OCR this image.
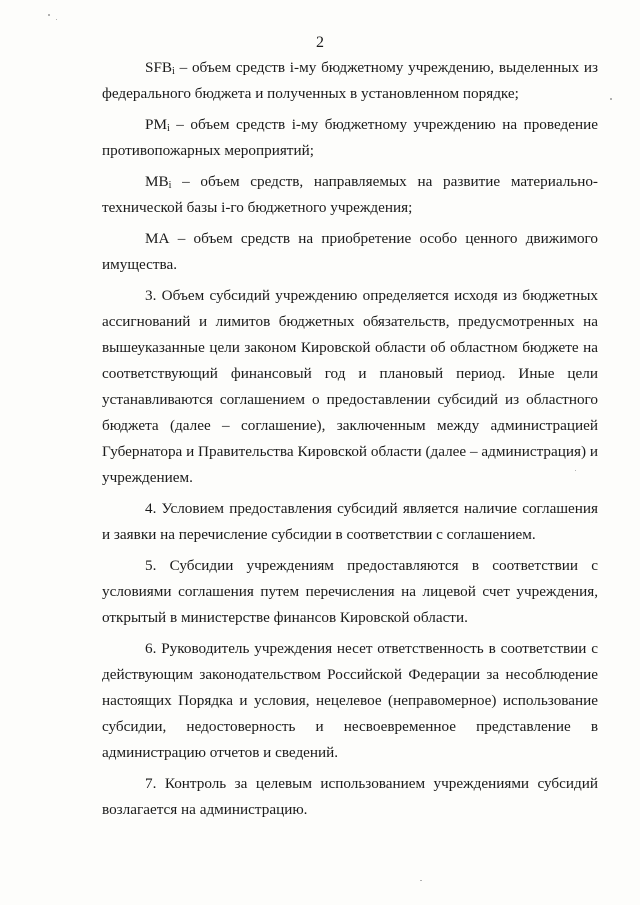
2

$SFB_i$ – объем средств i-му бюджетному учреждению, выделенных из федерального бюджета и полученных в установленном порядке;

$PM_i$ – объем средств i-му бюджетному учреждению на проведение противопожарных мероприятий;

$MB_i$ – объем средств, направляемых на развитие материально-технической базы i-го бюджетного учреждения;

МА – объем средств на приобретение особо ценного движимого имущества.

3. Объем субсидий учреждению определяется исходя из бюджетных ассигнований и лимитов бюджетных обязательств, предусмотренных на вышеуказанные цели законом Кировской области об областном бюджете на соответствующий финансовый год и плановый период. Иные цели устанавливаются соглашением о предоставлении субсидий из областного бюджета (далее – соглашение), заключенным между администрацией Губернатора и Правительства Кировской области (далее – администрация) и учреждением.

4. Условием предоставления субсидий является наличие соглашения и заявки на перечисление субсидии в соответствии с соглашением.

5. Субсидии учреждениям предоставляются в соответствии с условиями соглашения путем перечисления на лицевой счет учреждения, открытый в министерстве финансов Кировской области.

6. Руководитель учреждения несет ответственность в соответствии с действующим законодательством Российской Федерации за несоблюдение настоящих Порядка и условия, нецелевое (неправомерное) использование субсидии, недостоверность и несвоевременное представление в администрацию отчетов и сведений.

7. Контроль за целевым использованием учреждениями субсидий возлагается на администрацию.
